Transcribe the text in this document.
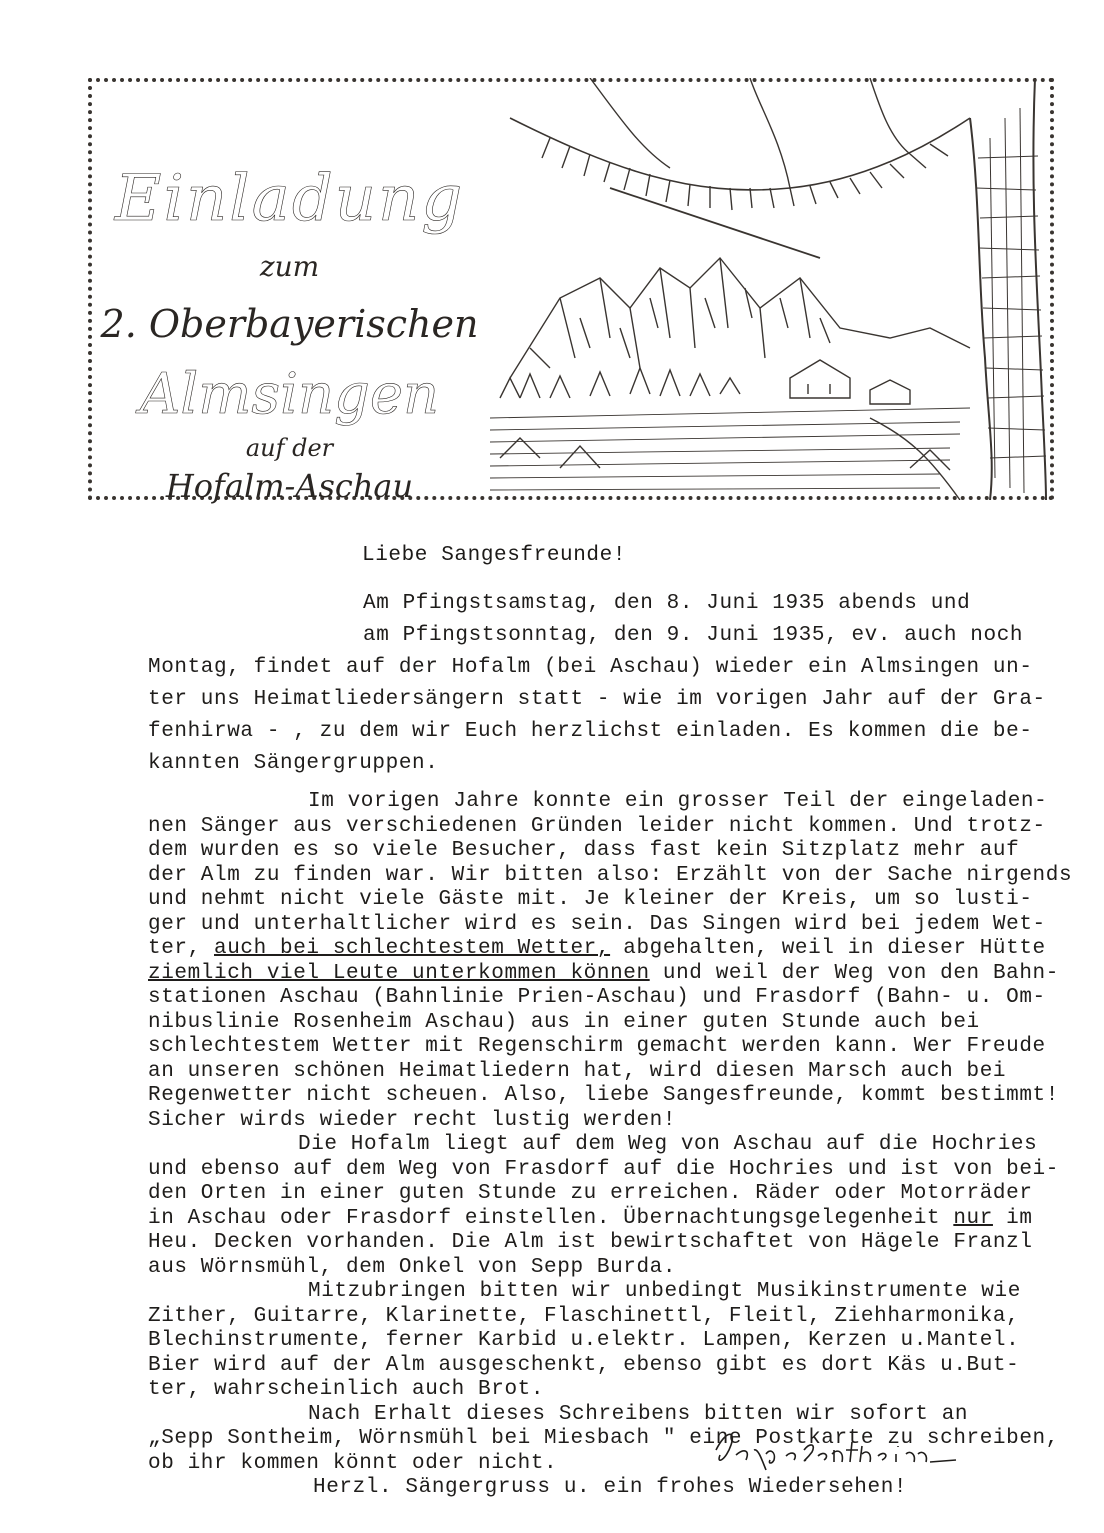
Einladung
zum
2. Oberbayerischen
Almsingen
auf der
Hofalm-Aschau

Liebe Sangesfreunde!

Am Pfingstsamstag, den 8. Juni 1935 abends und

am Pfingstsonntag, den 9. Juni 1935, ev. auch noch

Montag, findet auf der Hofalm (bei Aschau) wieder ein Almsingen un-

ter uns Heimatliedersängern statt - wie im vorigen Jahr auf der Gra-

fenhirwa - , zu dem wir Euch herzlichst einladen. Es kommen die be-

kannten Sängergruppen.

Im vorigen Jahre konnte ein grosser Teil der eingeladen-

nen Sänger aus verschiedenen Gründen leider nicht kommen. Und trotz-

dem wurden es so viele Besucher, dass fast kein Sitzplatz mehr auf

der Alm zu finden war. Wir bitten also: Erzählt von der Sache nirgends

und nehmt nicht viele Gäste mit. Je kleiner der Kreis, um so lusti-

ger und unterhaltlicher wird es sein. Das Singen wird bei jedem Wet-

ter, auch bei schlechtestem Wetter, abgehalten, weil in dieser Hütte

ziemlich viel Leute unterkommen können und weil der Weg von den Bahn-

stationen Aschau (Bahnlinie Prien-Aschau) und Frasdorf (Bahn- u. Om-

nibuslinie Rosenheim Aschau) aus in einer guten Stunde auch bei

schlechtestem Wetter mit Regenschirm gemacht werden kann. Wer Freude

an unseren schönen Heimatliedern hat, wird diesen Marsch auch bei

Regenwetter nicht scheuen. Also, liebe Sangesfreunde, kommt bestimmt!

Sicher wirds wieder recht lustig werden!

Die Hofalm liegt auf dem Weg von Aschau auf die Hochries

und ebenso auf dem Weg von Frasdorf auf die Hochries und ist von bei-

den Orten in einer guten Stunde zu erreichen. Räder oder Motorräder

in Aschau oder Frasdorf einstellen. Übernachtungsgelegenheit nur im

Heu. Decken vorhanden. Die Alm ist bewirtschaftet von Hägele Franzl

aus Wörnsmühl, dem Onkel von Sepp Burda.

Mitzubringen bitten wir unbedingt Musikinstrumente wie

Zither, Guitarre, Klarinette, Flaschinettl, Fleitl, Ziehharmonika,

Blechinstrumente, ferner Karbid u.elektr. Lampen, Kerzen u.Mantel.

Bier wird auf der Alm ausgeschenkt, ebenso gibt es dort Käs u.But-

ter, wahrscheinlich auch Brot.

Nach Erhalt dieses Schreibens bitten wir sofort an

„Sepp Sontheim, Wörnsmühl bei Miesbach " eine Postkarte zu schreiben,

ob ihr kommen könnt oder nicht.

Herzl. Sängergruss u. ein frohes Wiedersehen!
